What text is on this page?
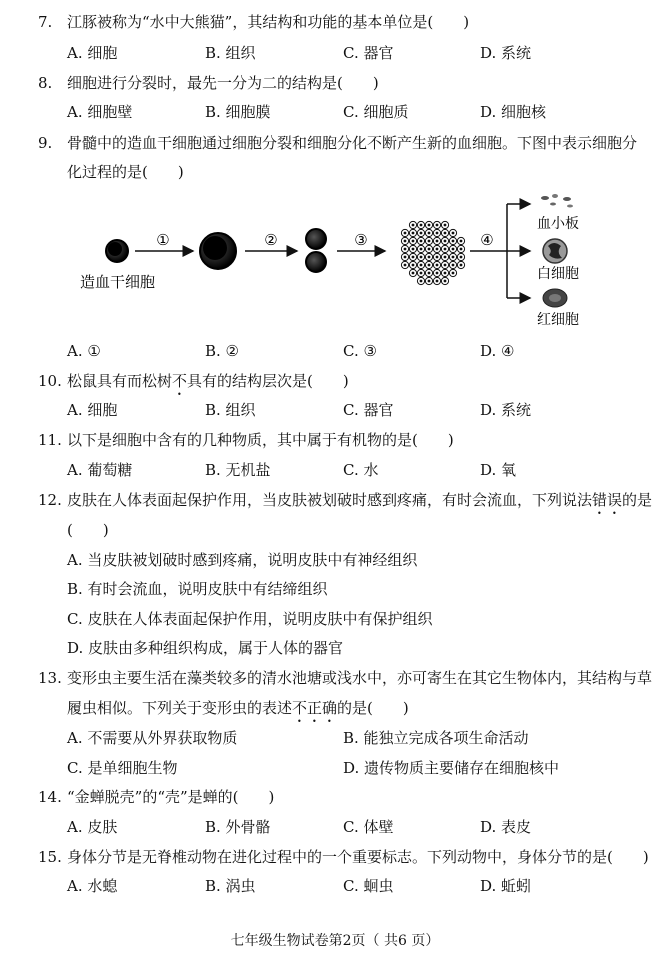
7. 江豚被称为“水中大熊猫”，其结构和功能的基本单位是(　　)
A. 细胞	B. 组织	C. 器官	D. 系统
8. 细胞进行分裂时，最先一分为二的结构是(　　)
A. 细胞壁	B. 细胞膜	C. 细胞质	D. 细胞核
9. 骨髓中的造血干细胞通过细胞分裂和细胞分化不断产生新的血细胞。下图中表示细胞分
化过程的是(　　)
①	②	③	④
血小板
白细胞
红细胞
造血干细胞
A. ①	B. ②	C. ③	D. ④
10. 松鼠具有而松树不具有的结构层次是(　　)
A. 细胞	B. 组织	C. 器官	D. 系统
11. 以下是细胞中含有的几种物质，其中属于有机物的是(　　)
A. 葡萄糖	B. 无机盐	C. 水	D. 氧
12. 皮肤在人体表面起保护作用，当皮肤被划破时感到疼痛，有时会流血，下列说法错误的是
(　　)
A. 当皮肤被划破时感到疼痛，说明皮肤中有神经组织
B. 有时会流血，说明皮肤中有结缔组织
C. 皮肤在人体表面起保护作用，说明皮肤中有保护组织
D. 皮肤由多种组织构成，属于人体的器官
13. 变形虫主要生活在藻类较多的清水池塘或浅水中，亦可寄生在其它生物体内，其结构与草
履虫相似。下列关于变形虫的表述不正确的是(　　)
A. 不需要从外界获取物质	B. 能独立完成各项生命活动
C. 是单细胞生物	D. 遗传物质主要储存在细胞核中
14. “金蝉脱壳”的“壳”是蝉的(　　)
A. 皮肤	B. 外骨骼	C. 体壁	D. 表皮
15. 身体分节是无脊椎动物在进化过程中的一个重要标志。下列动物中，身体分节的是(　　)
A. 水螅	B. 涡虫	C. 蛔虫	D. 蚯蚓
七年级生物试卷第2页（ 共6 页）
